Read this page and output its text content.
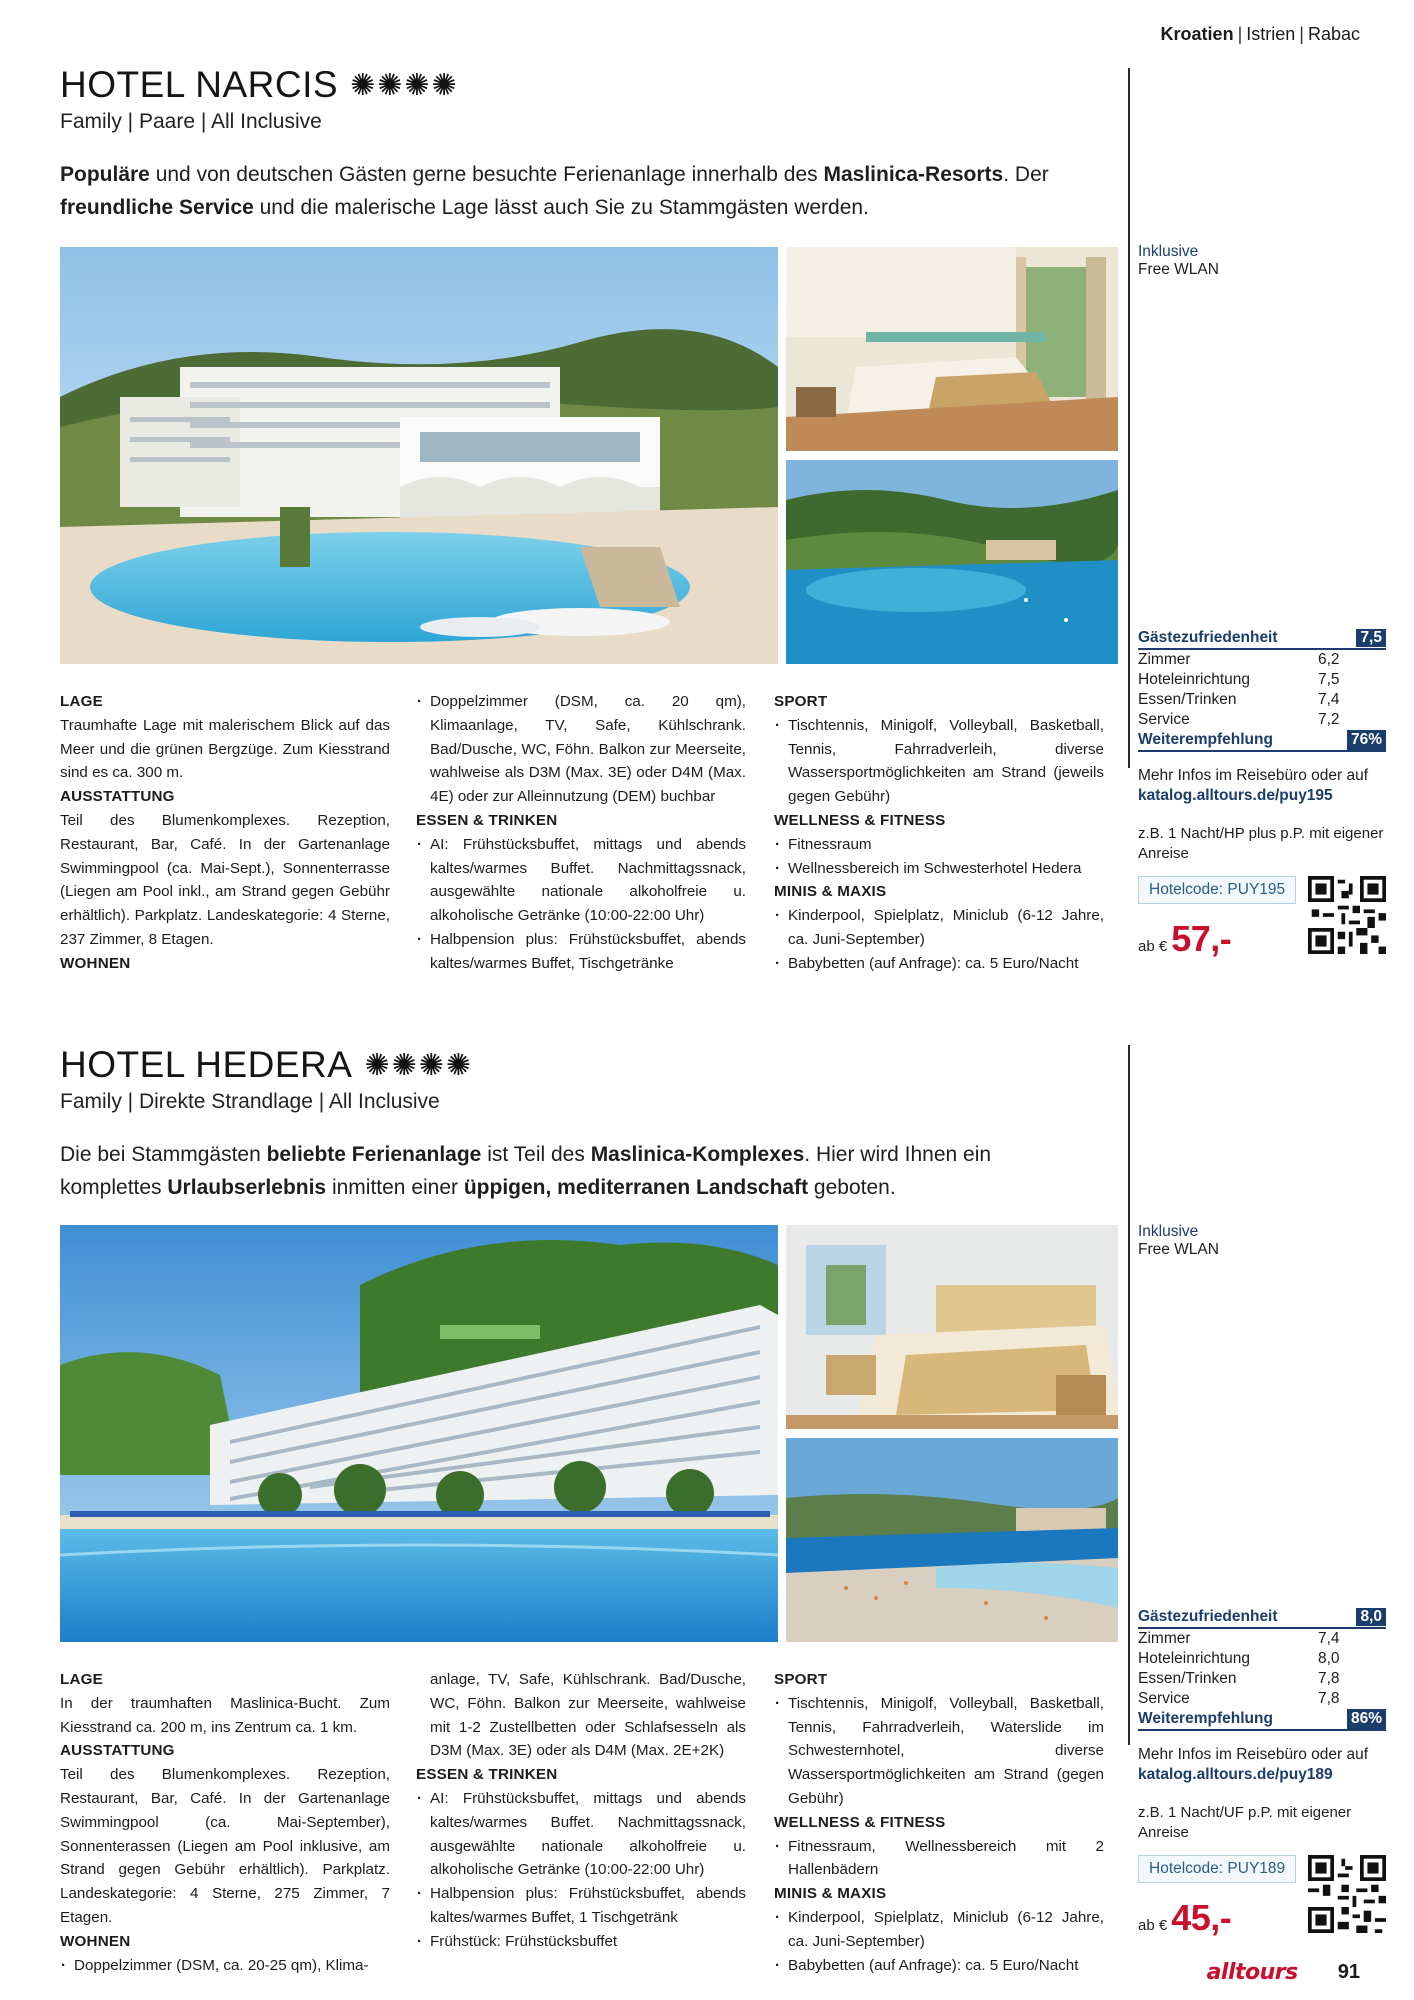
Kroatien | Istrien | Rabac
HOTEL NARCIS ✺✺✺✺
Family | Paare | All Inclusive

Populäre und von deutschen Gästen gerne besuchte Ferienanlage innerhalb des Maslinica-Resorts. Der freundliche Service und die malerische Lage lässt auch Sie zu Stammgästen werden.

LAGE

Traumhafte Lage mit malerischem Blick auf das Meer und die grünen Bergzüge. Zum Kiesstrand sind es ca. 300 m.

AUSSTATTUNG

Teil des Blumenkomplexes. Rezeption, Restaurant, Bar, Café. In der Gartenanlage Swimmingpool (ca. Mai-Sept.), Sonnenterrasse (Liegen am Pool inkl., am Strand gegen Gebühr erhältlich). Parkplatz. Landeskategorie: 4 Sterne, 237 Zimmer, 8 Etagen.

WOHNEN
· Doppelzimmer (DSM, ca. 20 qm), Klimaanlage, TV, Safe, Kühlschrank. Bad/Dusche, WC, Föhn. Balkon zur Meerseite, wahlweise als D3M (Max. 3E) oder D4M (Max. 4E) oder zur Alleinnutzung (DEM) buchbar
ESSEN & TRINKEN
· AI: Frühstücksbuffet, mittags und abends kaltes/warmes Buffet. Nachmittagssnack, ausgewählte nationale alkoholfreie u. alkoholische Getränke (10:00-22:00 Uhr)
· Halbpension plus: Frühstücksbuffet, abends kaltes/warmes Buffet, Tischgetränke
SPORT
· Tischtennis, Minigolf, Volleyball, Basketball, Tennis, Fahrradverleih, diverse Wassersportmöglichkeiten am Strand (jeweils gegen Gebühr)
WELLNESS & FITNESS
· Fitnessraum
· Wellnessbereich im Schwesterhotel Hedera
MINIS & MAXIS
· Kinderpool, Spielplatz, Miniclub (6-12 Jahre, ca. Juni-September)
· Babybetten (auf Anfrage): ca. 5 Euro/Nacht
Inklusive
Free WLAN
Gästezufriedenheit	7,5
Zimmer	6,2
Hoteleinrichtung	7,5
Essen/Trinken	7,4
Service	7,2
Weiterempfehlung	76%
Mehr Infos im Reisebüro oder auf
katalog.alltours.de/puy195
z.B. 1 Nacht/HP plus p.P. mit eigener Anreise
Hotelcode: PUY195
ab € 57,-
HOTEL HEDERA ✺✺✺✺
Family | Direkte Strandlage | All Inclusive

Die bei Stammgästen beliebte Ferienanlage ist Teil des Maslinica-Komplexes. Hier wird Ihnen ein komplettes Urlaubserlebnis inmitten einer üppigen, mediterranen Landschaft geboten.

LAGE

In der traumhaften Maslinica-Bucht. Zum Kiesstrand ca. 200 m, ins Zentrum ca. 1 km.

AUSSTATTUNG

Teil des Blumenkomplexes. Rezeption, Restaurant, Bar, Café. In der Gartenanlage Swimmingpool (ca. Mai-September), Sonnenterassen (Liegen am Pool inklusive, am Strand gegen Gebühr erhältlich). Parkplatz. Landeskategorie: 4 Sterne, 275 Zimmer, 7 Etagen.

WOHNEN
· Doppelzimmer (DSM, ca. 20-25 qm), Klima-

anlage, TV, Safe, Kühlschrank. Bad/Dusche, WC, Föhn. Balkon zur Meerseite, wahlweise mit 1-2 Zustellbetten oder Schlafsesseln als D3M (Max. 3E) oder als D4M (Max. 2E+2K)

ESSEN & TRINKEN
· AI: Frühstücksbuffet, mittags und abends kaltes/warmes Buffet. Nachmittagssnack, ausgewählte nationale alkoholfreie u. alkoholische Getränke (10:00-22:00 Uhr)
· Halbpension plus: Frühstücksbuffet, abends kaltes/warmes Buffet, 1 Tischgetränk
· Frühstück: Frühstücksbuffet
SPORT
· Tischtennis, Minigolf, Volleyball, Basketball, Tennis, Fahrradverleih, Waterslide im Schwesternhotel, diverse Wassersportmöglichkeiten am Strand (gegen Gebühr)
WELLNESS & FITNESS
· Fitnessraum, Wellnessbereich mit 2 Hallenbädern
MINIS & MAXIS
· Kinderpool, Spielplatz, Miniclub (6-12 Jahre, ca. Juni-September)
· Babybetten (auf Anfrage): ca. 5 Euro/Nacht
Inklusive
Free WLAN
Gästezufriedenheit	8,0
Zimmer	7,4
Hoteleinrichtung	8,0
Essen/Trinken	7,8
Service	7,8
Weiterempfehlung	86%
Mehr Infos im Reisebüro oder auf
katalog.alltours.de/puy189
z.B. 1 Nacht/UF p.P. mit eigener Anreise
Hotelcode: PUY189
ab € 45,-
alltours 91
